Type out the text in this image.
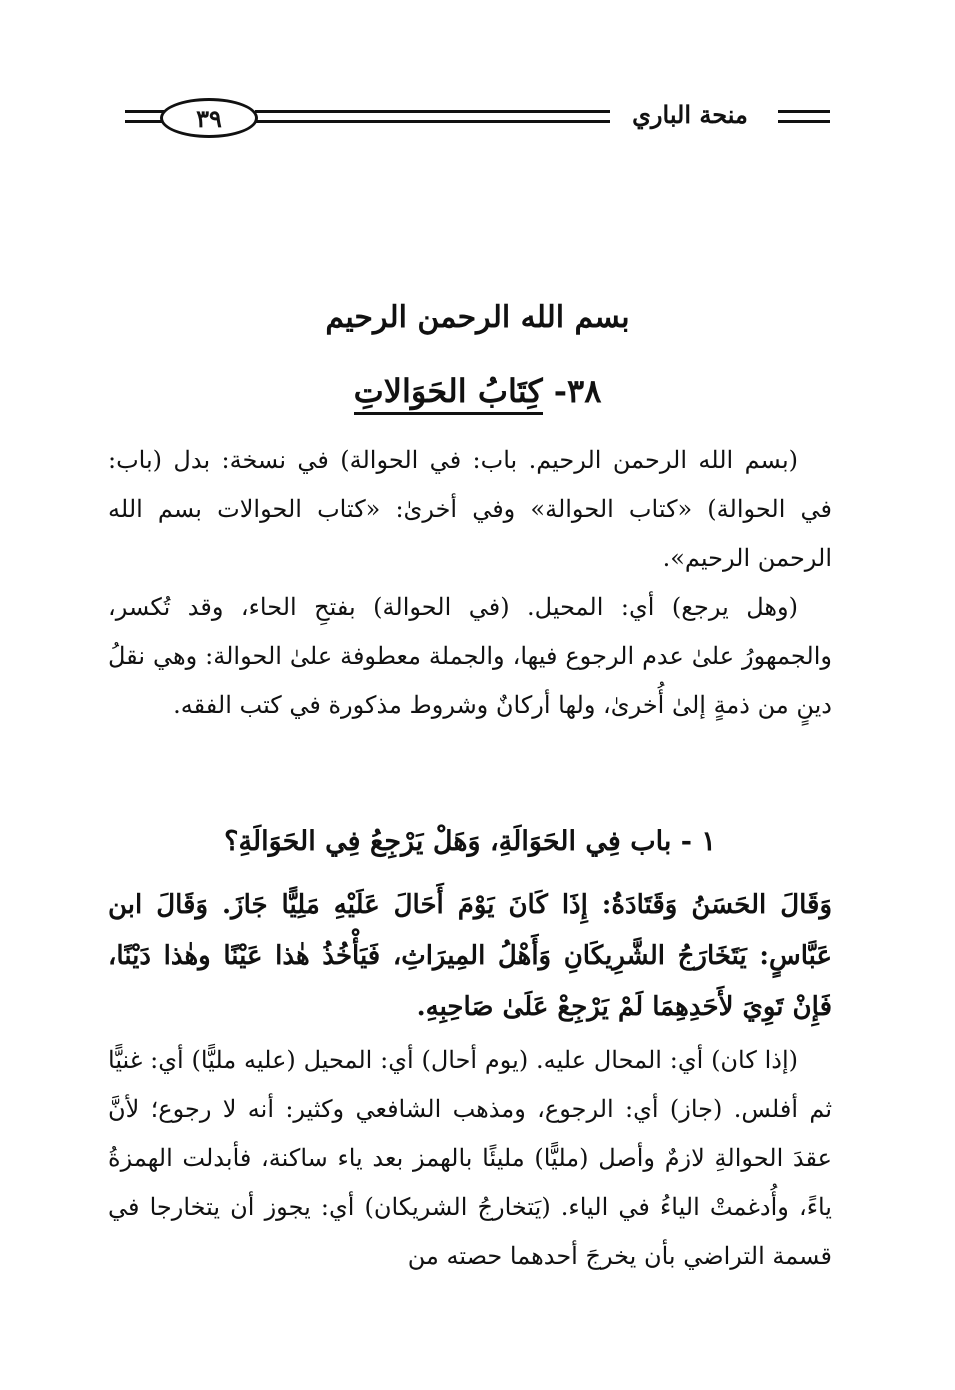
٣٩	منحة الباري
بسم الله الرحمن الرحيم
٣٨- كِتَابُ الحَوَالاتِ

(بسم الله الرحمن الرحيم. باب: في الحوالة) في نسخة: بدل (باب: في الحوالة) «كتاب الحوالة» وفي أخرىٰ: «كتاب الحوالات بسم الله الرحمن الرحيم».

(وهل يرجع) أي: المحيل. (في الحوالة) بفتحِ الحاء، وقد تُكسر، والجمهورُ علىٰ عدم الرجوع فيها، والجملة معطوفة علىٰ الحوالة: وهي نقلُ دينٍ من ذمةٍ إلىٰ أُخرىٰ، ولها أركانٌ وشروط مذكورة في كتب الفقه.

١ - باب فِي الحَوَالَةِ، وَهَلْ يَرْجِعُ فِي الحَوَالَةِ؟

وَقَالَ الحَسَنُ وَقَتَادَةُ: إِذَا كَانَ يَوْمَ أَحَالَ عَلَيْهِ مَلِيًّا جَازَ. وَقَالَ ابن عَبَّاسٍ: يَتَخَارَجُ الشَّرِيكَانِ وَأَهْلُ المِيرَاثِ، فَيَأْخُذُ هٰذا عَيْنًا وهٰذا دَيْنًا، فَإِنْ تَوِيَ لأَحَدِهِمَا لَمْ يَرْجِعْ عَلَىٰ صَاحِبِهِ.

(إذا كان) أي: المحال عليه. (يوم أحال) أي: المحيل (عليه مليًّا) أي: غنيًّا ثم أفلس. (جاز) أي: الرجوع، ومذهب الشافعي وكثير: أنه لا رجوع؛ لأنَّ عقدَ الحوالةِ لازمٌ وأصل (مليًّا) مليئًا بالهمز بعد ياء ساكنة، فأبدلت الهمزةُ ياءً، وأُدغمتْ الياءُ في الياء. (يَتخارجُ الشريكان) أي: يجوز أن يتخارجا في قسمة التراضي بأن يخرجَ أحدهما حصته من
